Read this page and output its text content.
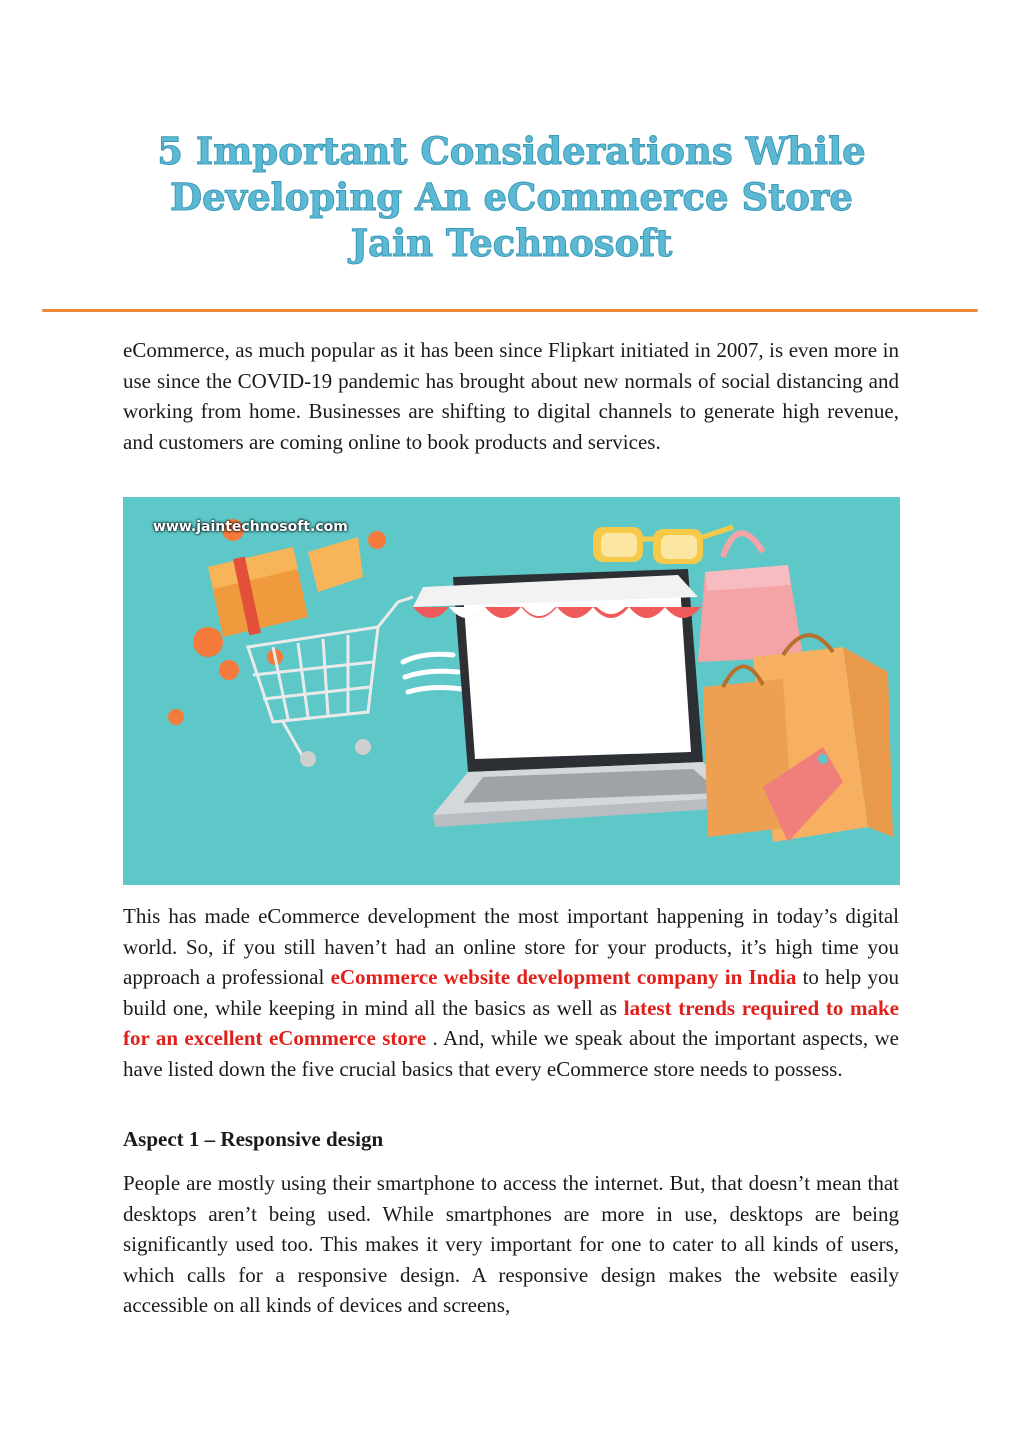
5 Important Considerations While
Developing An eCommerce Store
Jain Technosoft

eCommerce, as much popular as it has been since Flipkart initiated in 2007, is even more in use since the COVID-19 pandemic has brought about new normals of social distancing and working from home. Businesses are shifting to digital channels to generate high revenue, and customers are coming online to book products and services.

www.jaintechnosoft.com

This has made eCommerce development the most important happening in today’s digital world. So, if you still haven’t had an online store for your products, it’s high time you approach a professional eCommerce website development company in India to help you build one, while keeping in mind all the basics as well as latest trends required to make for an excellent eCommerce store . And, while we speak about the important aspects, we have listed down the five crucial basics that every eCommerce store needs to possess.

Aspect 1 – Responsive design

People are mostly using their smartphone to access the internet. But, that doesn’t mean that desktops aren’t being used. While smartphones are more in use, desktops are being significantly used too. This makes it very important for one to cater to all kinds of users, which calls for a responsive design. A responsive design makes the website easily accessible on all kinds of devices and screens,
